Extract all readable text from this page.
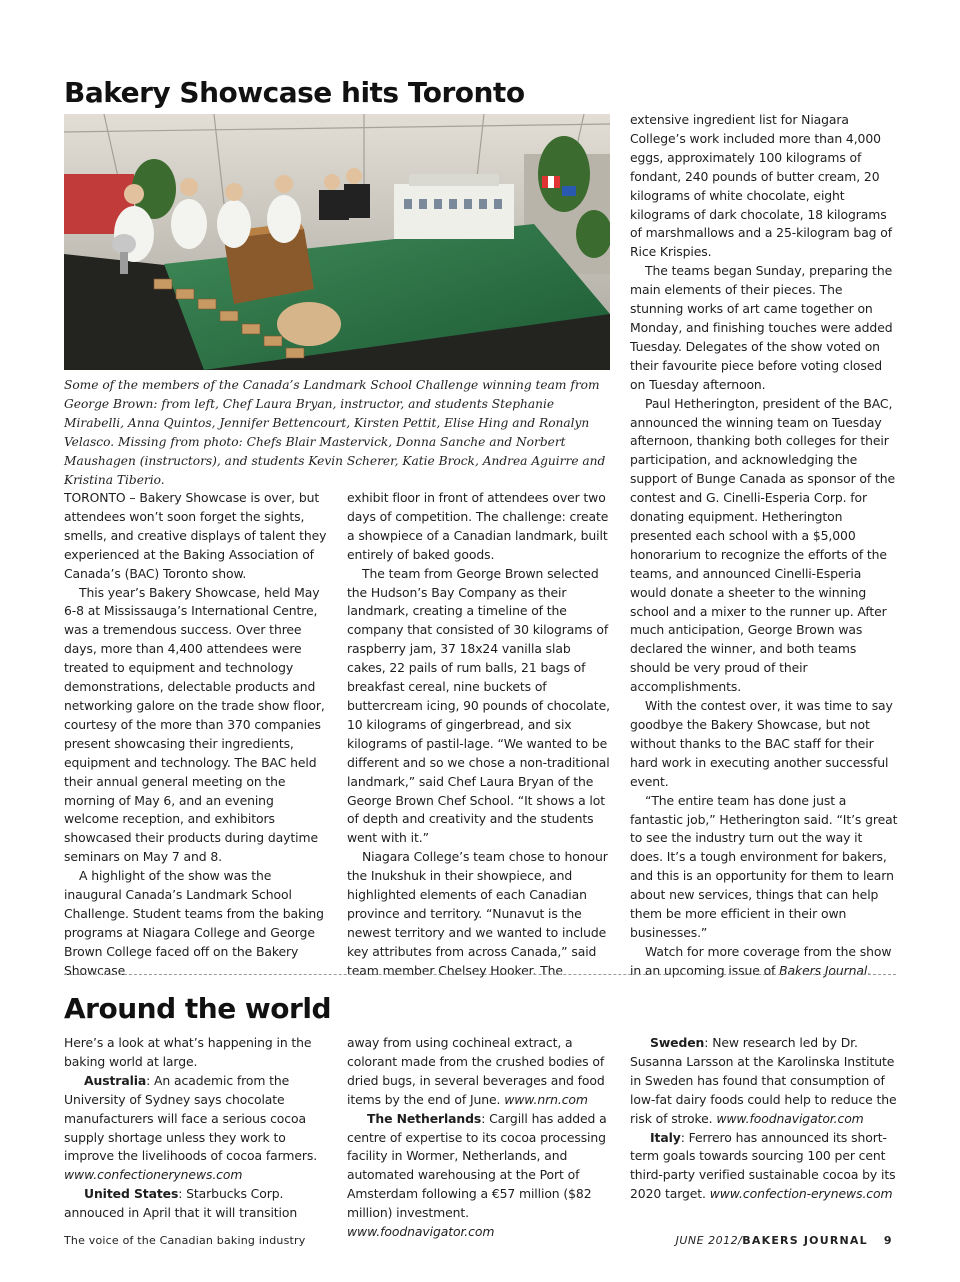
Bakery Showcase hits Toronto

Some of the members of the Canada’s Landmark School Challenge winning team from George Brown: from left, Chef Laura Bryan, instructor, and students Stephanie Mirabelli, Anna Quintos, Jennifer Bettencourt, Kirsten Pettit, Elise Hing and Ronalyn Velasco. Missing from photo: Chefs Blair Mastervick, Donna Sanche and Norbert Maushagen (instructors), and students Kevin Scherer, Katie Brock, Andrea Aguirre and Kristina Tiberio.

TORONTO – Bakery Showcase is over, but attendees won’t soon forget the sights, smells, and creative displays of talent they experienced at the Baking Association of Canada’s (BAC) Toronto show.

This year’s Bakery Showcase, held May 6-8 at Mississauga’s International Centre, was a tremendous success. Over three days, more than 4,400 attendees were treated to equipment and technology demonstrations, delectable products and networking galore on the trade show floor, courtesy of the more than 370 companies present showcasing their ingredients, equipment and technology. The BAC held their annual general meeting on the morning of May 6, and an evening welcome reception, and exhibitors showcased their products during daytime seminars on May 7 and 8.

A highlight of the show was the inaugural Canada’s Landmark School Challenge. Student teams from the baking programs at Niagara College and George Brown College faced off on the Bakery Showcase

exhibit floor in front of attendees over two days of competition. The challenge: create a showpiece of a Canadian landmark, built entirely of baked goods.

The team from George Brown selected the Hudson’s Bay Company as their landmark, creating a timeline of the company that consisted of 30 kilograms of raspberry jam, 37 18x24 vanilla slab cakes, 22 pails of rum balls, 21 bags of breakfast cereal, nine buckets of buttercream icing, 90 pounds of chocolate, 10 kilograms of gingerbread, and six kilograms of pastil-lage. “We wanted to be different and so we chose a non-traditional landmark,” said Chef Laura Bryan of the George Brown Chef School. “It shows a lot of depth and creativity and the students went with it.”

Niagara College’s team chose to honour the Inukshuk in their showpiece, and highlighted elements of each Canadian province and territory. “Nunavut is the newest territory and we wanted to include key attributes from across Canada,” said team member Chelsey Hooker. The

extensive ingredient list for Niagara College’s work included more than 4,000 eggs, approximately 100 kilograms of fondant, 240 pounds of butter cream, 20 kilograms of white chocolate, eight kilograms of dark chocolate, 18 kilograms of marshmallows and a 25-kilogram bag of Rice Krispies.

The teams began Sunday, preparing the main elements of their pieces. The stunning works of art came together on Monday, and finishing touches were added Tuesday. Delegates of the show voted on their favourite piece before voting closed on Tuesday afternoon.

Paul Hetherington, president of the BAC, announced the winning team on Tuesday afternoon, thanking both colleges for their participation, and acknowledging the support of Bunge Canada as sponsor of the contest and G. Cinelli-Esperia Corp. for donating equipment. Hetherington presented each school with a $5,000 honorarium to recognize the efforts of the teams, and announced Cinelli-Esperia would donate a sheeter to the winning school and a mixer to the runner up. After much anticipation, George Brown was declared the winner, and both teams should be very proud of their accomplishments.

With the contest over, it was time to say goodbye the Bakery Showcase, but not without thanks to the BAC staff for their hard work in executing another successful event.

“The entire team has done just a fantastic job,” Hetherington said. “It’s great to see the industry turn out the way it does. It’s a tough environment for bakers, and this is an opportunity for them to learn about new services, things that can help them be more efficient in their own businesses.”

Watch for more coverage from the show in an upcoming issue of Bakers Journal.

Around the world

Here’s a look at what’s happening in the baking world at large.

Australia: An academic from the University of Sydney says chocolate manufacturers will face a serious cocoa supply shortage unless they work to improve the livelihoods of cocoa farmers. www.confectionerynews.com

United States: Starbucks Corp. annouced in April that it will transition

away from using cochineal extract, a colorant made from the crushed bodies of dried bugs, in several beverages and food items by the end of June. www.nrn.com

The Netherlands: Cargill has added a centre of expertise to its cocoa processing facility in Wormer, Netherlands, and automated warehousing at the Port of Amsterdam following a €57 million ($82 million) investment. www.foodnavigator.com

Sweden: New research led by Dr. Susanna Larsson at the Karolinska Institute in Sweden has found that consumption of low-fat dairy foods could help to reduce the risk of stroke. www.foodnavigator.com

Italy: Ferrero has announced its short-term goals towards sourcing 100 per cent third-party verified sustainable cocoa by its 2020 target. www.confection-erynews.com

The voice of the Canadian baking industry	JUNE 2012/BAKERS JOURNAL 9
